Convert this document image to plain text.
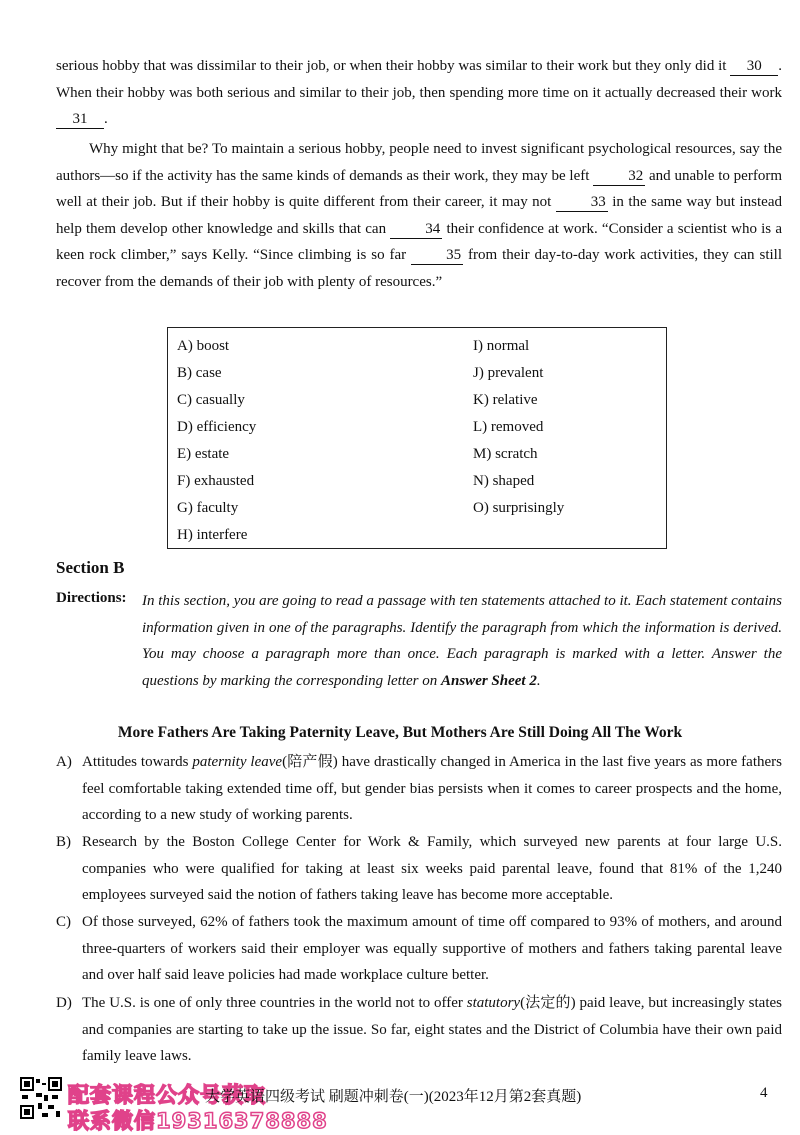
serious hobby that was dissimilar to their job, or when their hobby was similar to their work but they only did it 30 . When their hobby was both serious and similar to their job, then spending more time on it actually decreased their work 31 .
Why might that be? To maintain a serious hobby, people need to invest significant psychological resources, say the authors—so if the activity has the same kinds of demands as their work, they may be left 32 and unable to perform well at their job. But if their hobby is quite different from their career, it may not 33 in the same way but instead help them develop other knowledge and skills that can 34 their confidence at work. “Consider a scientist who is a keen rock climber,” says Kelly. “Since climbing is so far 35 from their day-to-day work activities, they can still recover from the demands of their job with plenty of resources.”
A) boost
B) case
C) casually
D) efficiency
E) estate
F) exhausted
G) faculty
H) interfere
I) normal
J) prevalent
K) relative
L) removed
M) scratch
N) shaped
O) surprisingly
Section B
Directions: In this section, you are going to read a passage with ten statements attached to it. Each statement contains information given in one of the paragraphs. Identify the paragraph from which the information is derived. You may choose a paragraph more than once. Each paragraph is marked with a letter. Answer the questions by marking the corresponding letter on Answer Sheet 2.
More Fathers Are Taking Paternity Leave, But Mothers Are Still Doing All The Work
A) Attitudes towards paternity leave(陪产假) have drastically changed in America in the last five years as more fathers feel comfortable taking extended time off, but gender bias persists when it comes to career prospects and the home, according to a new study of working parents.

B) Research by the Boston College Center for Work & Family, which surveyed new parents at four large U.S. companies who were qualified for taking at least six weeks paid parental leave, found that 81% of the 1,240 employees surveyed said the notion of fathers taking leave has become more acceptable.

C) Of those surveyed, 62% of fathers took the maximum amount of time off compared to 93% of mothers, and around three-quarters of workers said their employer was equally supportive of mothers and fathers taking parental leave and over half said leave policies had made workplace culture better.

D) The U.S. is one of only three countries in the world not to offer statutory(法定的) paid leave, but increasingly states and companies are starting to take up the issue. So far, eight states and the District of Columbia have their own paid family leave laws.

配套课程公众号获取
联系微信19316378888
大学英语四级考试 刷题冲刺卷(一)(2023年12月第2套真题)	4
